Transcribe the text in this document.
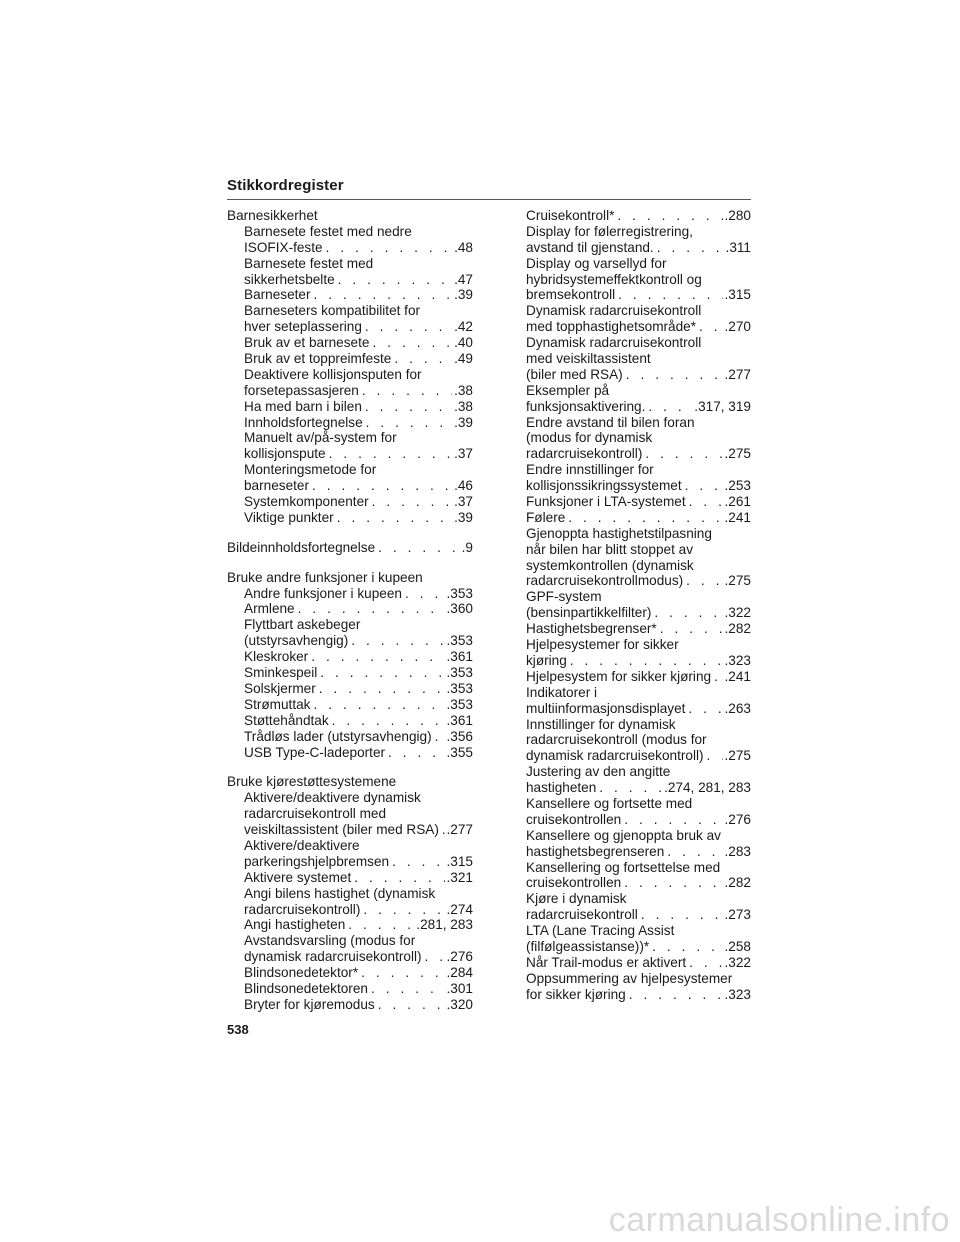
Stikkordregister
Barnesikkerhet
Barnesete festet med nedre
ISOFIX-feste . . .	.48
Barnesete festet med
sikkerhetsbelte . . .	.47
Barneseter . . .	.39
Barneseters kompatibilitet for
hver seteplassering . . .	.42
Bruk av et barnesete . . .	.40
Bruk av et toppreimfeste . . .	.49
Deaktivere kollisjonsputen for
forsetepassasjeren . . .	.38
Ha med barn i bilen . . .	.38
Innholdsfortegnelse . . .	.39
Manuelt av/på-system for
kollisjonspute . . .	.37
Monteringsmetode for
barneseter . . .	.46
Systemkomponenter . . .	.37
Viktige punkter . . .	.39
Bildeinnholdsfortegnelse . . .	.9
Bruke andre funksjoner i kupeen
Andre funksjoner i kupeen . . .	.353
Armlene . . .	.360
Flyttbart askebeger
(utstyrsavhengig) . . .	.353
Kleskroker . . .	.361
Sminkespeil . . .	.353
Solskjermer . . .	.353
Strømuttak . . .	.353
Støttehåndtak . . .	.361
Trådløs lader (utstyrsavhengig) . . . .356
USB Type-C-ladeporter . . .	.355
Bruke kjørestøttesystemene
Aktivere/deaktivere dynamisk
radarcruisekontroll med
veiskiltassistent (biler med RSA) . . . .277
Aktivere/deaktivere
parkeringshjelpbremsen . . .	.315
Aktivere systemet . . .	.321
Angi bilens hastighet (dynamisk
radarcruisekontroll) . . .	.274
Angi hastigheten . . .	.281, 283
Avstandsvarsling (modus for
dynamisk radarcruisekontroll) . . . .276
Blindsonedetektor* . . .	.284
Blindsonedetektoren . . .	.301
Bryter for kjøremodus . . .	.320
Cruisekontroll* . . .	.280
Display for følerregistrering,
avstand til gjenstand. . . .	.311
Display og varsellyd for
hybridsystemeffektkontroll og
bremsekontroll . . .	.315
Dynamisk radarcruisekontroll
med topphastighetsområde* . . . .270
Dynamisk radarcruisekontroll
med veiskiltassistent
(biler med RSA) . . .	.277
Eksempler på
funksjonsaktivering. . . .	.317, 319
Endre avstand til bilen foran
(modus for dynamisk
radarcruisekontroll) . . .	.275
Endre innstillinger for
kollisjonssikringssystemet . . .	.253
Funksjoner i LTA-systemet . . .	.261
Følere . . .	.241
Gjenoppta hastighetstilpasning
når bilen har blitt stoppet av
systemkontrollen (dynamisk
radarcruisekontrollmodus) . . .	.275
GPF-system
(bensinpartikkelfilter) . . .	.322
Hastighetsbegrenser* . . .	.282
Hjelpesystemer for sikker
kjøring . . .	.323
Hjelpesystem for sikker kjøring . . . .241
Indikatorer i
multiinformasjonsdisplayet . . .	.263
Innstillinger for dynamisk
radarcruisekontroll (modus for
dynamisk radarcruisekontroll) . . . .275
Justering av den angitte
hastigheten . . .	.274, 281, 283
Kansellere og fortsette med
cruisekontrollen . . .	.276
Kansellere og gjenoppta bruk av
hastighetsbegrenseren . . .	.283
Kansellering og fortsettelse med
cruisekontrollen . . .	.282
Kjøre i dynamisk
radarcruisekontroll . . .	.273
LTA (Lane Tracing Assist
(filfølgeassistanse))* . . .	.258
Når Trail-modus er aktivert . . .	.322
Oppsummering av hjelpesystemer
for sikker kjøring . . .	.323
538
carmanualsonline.info
